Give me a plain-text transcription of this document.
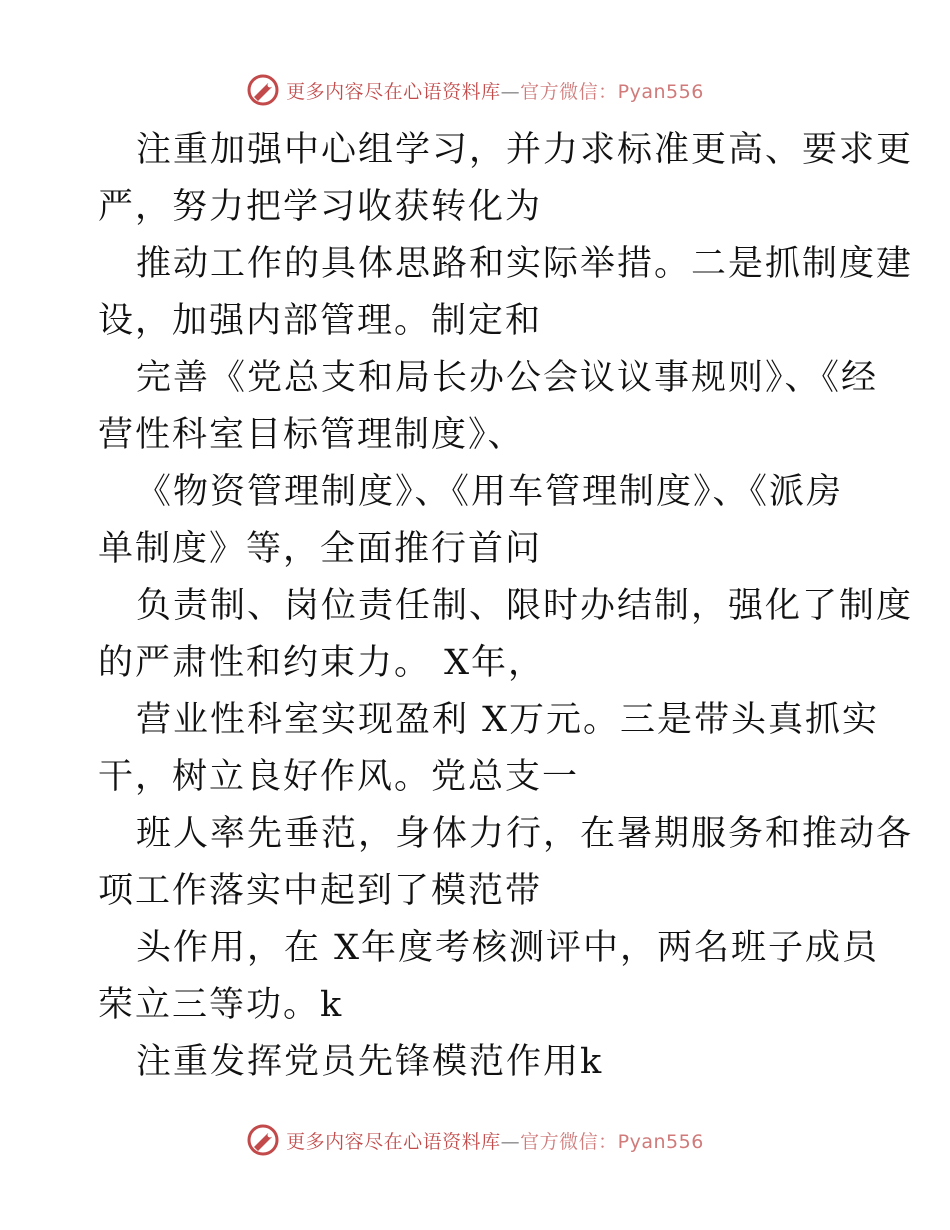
更多内容尽在心语资料库—官方微信：Pyan556
注重加强中心组学习，并力求标准更高、要求更
严，努力把学习收获转化为
推动工作的具体思路和实际举措。二是抓制度建
设，加强内部管理。制定和
完善《党总支和局长办公会议议事规则》、《经
营性科室目标管理制度》、
《物资管理制度》、《用车管理制度》、《派房
单制度》等，全面推行首问
负责制、岗位责任制、限时办结制，强化了制度
的严肃性和约束力。 X年，
营业性科室实现盈利 X万元。三是带头真抓实
干，树立良好作风。党总支一
班人率先垂范，身体力行，在暑期服务和推动各
项工作落实中起到了模范带
头作用，在 X年度考核测评中，两名班子成员
荣立三等功。k
注重发挥党员先锋模范作用k
更多内容尽在心语资料库—官方微信：Pyan556
